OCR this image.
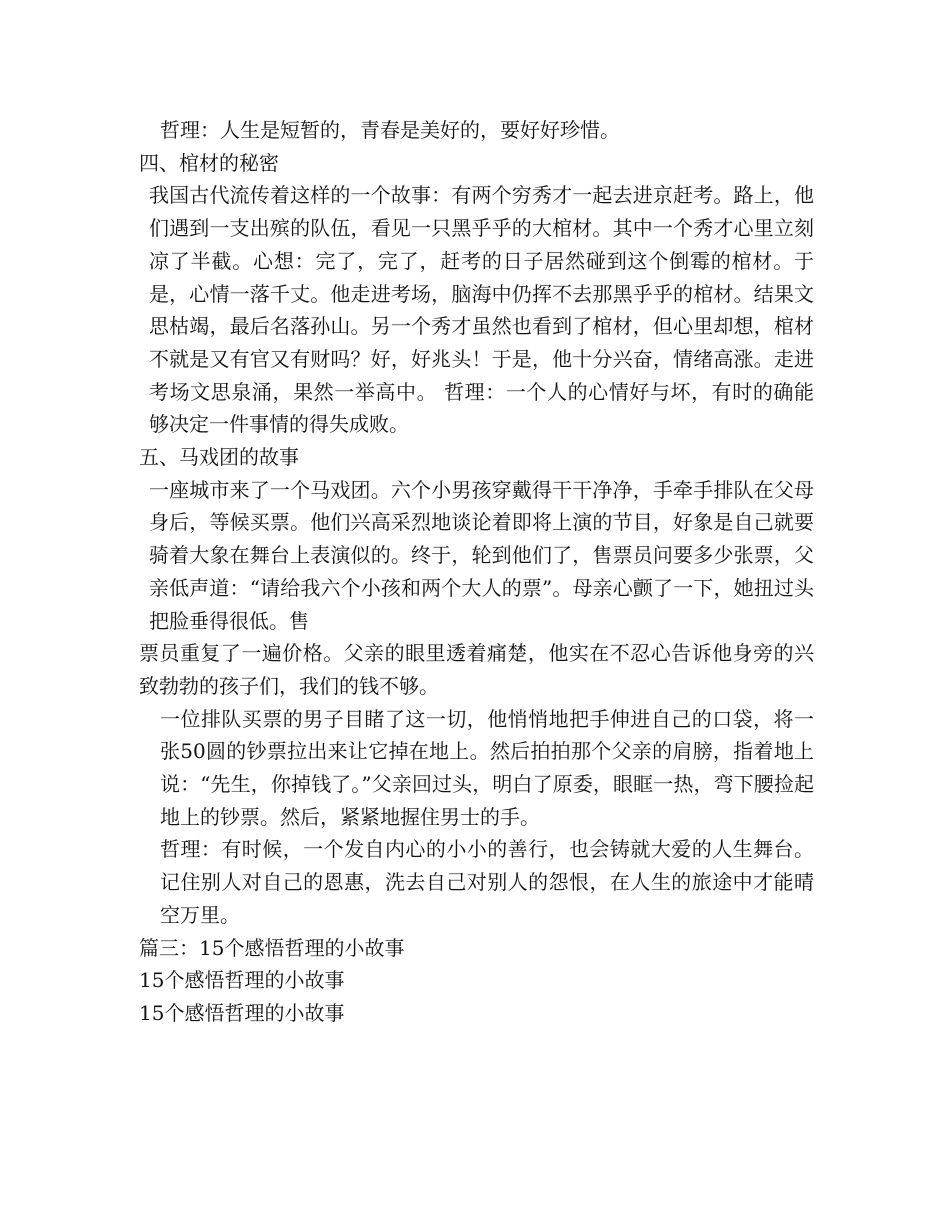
哲理：人生是短暂的，青春是美好的，要好好珍惜。

四、棺材的秘密

我国古代流传着这样的一个故事：有两个穷秀才一起去进京赶考。路上，他们遇到一支出殡的队伍，看见一只黑乎乎的大棺材。其中一个秀才心里立刻凉了半截。心想：完了，完了，赶考的日子居然碰到这个倒霉的棺材。于是，心情一落千丈。他走进考场，脑海中仍挥不去那黑乎乎的棺材。结果文思枯竭，最后名落孙山。另一个秀才虽然也看到了棺材，但心里却想，棺材不就是又有官又有财吗？好，好兆头！于是，他十分兴奋，情绪高涨。走进考场文思泉涌，果然一举高中。 哲理：一个人的心情好与坏，有时的确能够决定一件事情的得失成败。

五、马戏团的故事

一座城市来了一个马戏团。六个小男孩穿戴得干干净净，手牵手排队在父母身后，等候买票。他们兴高采烈地谈论着即将上演的节目，好象是自己就要骑着大象在舞台上表演似的。终于，轮到他们了，售票员问要多少张票，父亲低声道：“请给我六个小孩和两个大人的票”。母亲心颤了一下，她扭过头把脸垂得很低。售

票员重复了一遍价格。父亲的眼里透着痛楚，他实在不忍心告诉他身旁的兴致勃勃的孩子们，我们的钱不够。

一位排队买票的男子目睹了这一切，他悄悄地把手伸进自己的口袋，将一张50圆的钞票拉出来让它掉在地上。然后拍拍那个父亲的肩膀，指着地上说：“先生，你掉钱了。”父亲回过头，明白了原委，眼眶一热，弯下腰捡起地上的钞票。然后，紧紧地握住男士的手。

哲理：有时候，一个发自内心的小小的善行，也会铸就大爱的人生舞台。记住别人对自己的恩惠，洗去自己对别人的怨恨，在人生的旅途中才能晴空万里。

篇三：15个感悟哲理的小故事

15个感悟哲理的小故事

15个感悟哲理的小故事
